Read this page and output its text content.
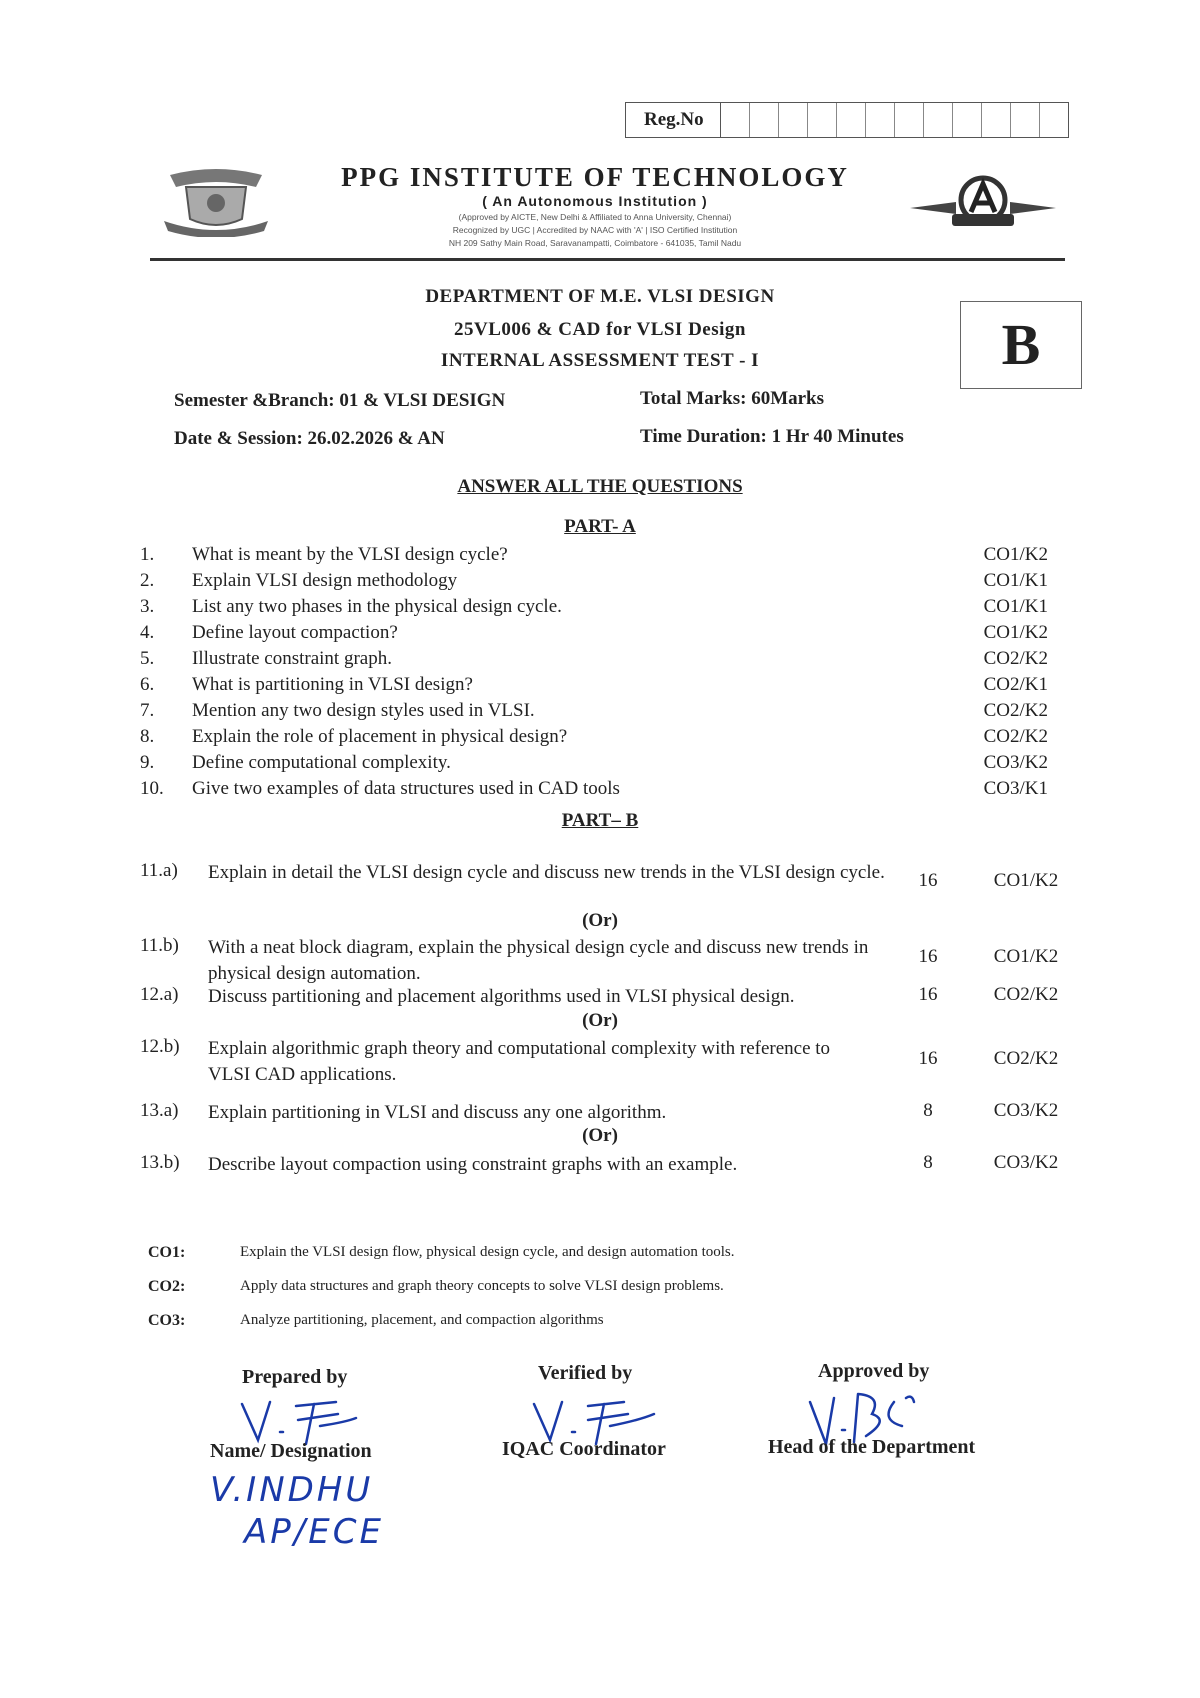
Reg.No
PPG INSTITUTE OF TECHNOLOGY
( An Autonomous Institution )
(Approved by AICTE, New Delhi & Affiliated to Anna University, Chennai)
Recognized by UGC | Accredited by NAAC with 'A' | ISO Certified Institution
NH 209 Sathy Main Road, Saravanampatti, Coimbatore - 641035, Tamil Nadu
DEPARTMENT OF M.E. VLSI DESIGN
25VL006 & CAD for VLSI Design
INTERNAL ASSESSMENT TEST - I	B
Semester &Branch: 01 & VLSI DESIGN	Total Marks: 60Marks
Date & Session: 26.02.2026 & AN	Time Duration: 1 Hr 40 Minutes
ANSWER ALL THE QUESTIONS
PART- A
1. What is meant by the VLSI design cycle?	CO1/K2
2. Explain VLSI design methodology	CO1/K1
3. List any two phases in the physical design cycle.	CO1/K1
4. Define layout compaction?	CO1/K2
5. Illustrate constraint graph.	CO2/K2
6. What is partitioning in VLSI design?	CO2/K1
7. Mention any two design styles used in VLSI.	CO2/K2
8. Explain the role of placement in physical design?	CO2/K2
9. Define computational complexity.	CO3/K2
10. Give two examples of data structures used in CAD tools	CO3/K1
PART– B
11.a) Explain in detail the VLSI design cycle and discuss new trends in the VLSI design cycle.	16	CO1/K2
(Or)
11.b) With a neat block diagram, explain the physical design cycle and discuss new trends in physical design automation.
16	CO1/K2
12.a) Discuss partitioning and placement algorithms used in VLSI physical design.	16	CO2/K2
(Or)
12.b) Explain algorithmic graph theory and computational complexity with reference to VLSI CAD applications.
16	CO2/K2
13.a) Explain partitioning in VLSI and discuss any one algorithm.	8	CO3/K2
(Or)
13.b) Describe layout compaction using constraint graphs with an example.	8	CO3/K2
CO1:	Explain the VLSI design flow, physical design cycle, and design automation tools.
CO2:	Apply data structures and graph theory concepts to solve VLSI design problems.
CO3:	Analyze partitioning, placement, and compaction algorithms
Prepared by	Verified by	Approved by
Name/ Designation	IQAC Coordinator	Head of the Department
V.INDHU
AP/ECE
